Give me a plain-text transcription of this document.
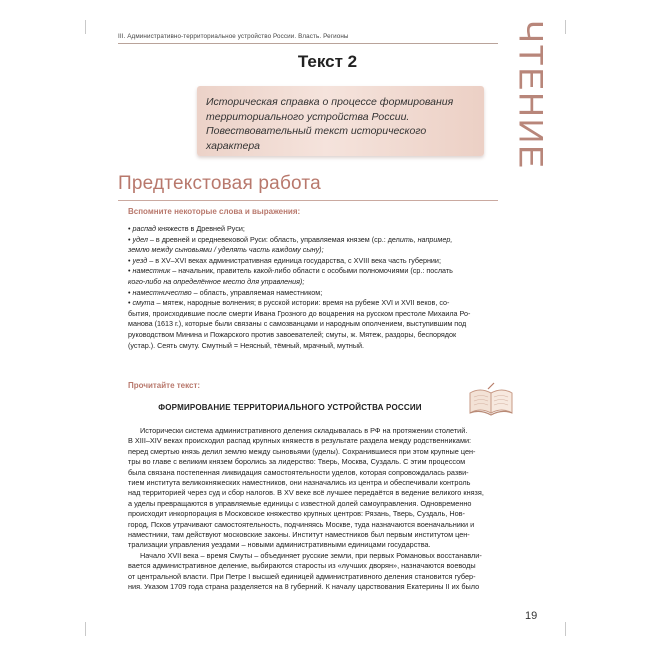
III. Административно-территориальное устройство России. Власть. Регионы	ЧТЕНИЕ
Текст 2
Историческая справка о процессе формирования
территориального устройства России.
Повествовательный текст исторического
характера
Предтекстовая работа
Вспомните некоторые слова и выражения:

• распад княжеств в Древней Руси;

• удел – в древней и средневековой Руси: область, управляемая князем (ср.: делить, например,

землю между сыновьями / уделять часть каждому сыну);

• уезд – в XV–XVI веках административная единица государства, с XVIII века часть губернии;

• наместник – начальник, правитель какой-либо области с особыми полномочиями (ср.: послать

кого-либо на определённое место для управления);

• наместничество – область, управляемая наместником;

• смута – мятеж, народные волнения; в русской истории: время на рубеже XVI и XVII веков, со-

бытия, происходившие после смерти Ивана Грозного до воцарения на русском престоле Михаила Ро-

манова (1613 г.), которые были связаны с самозванцами и народным ополчением, выступившим под

руководством Минина и Пожарского против завоевателей; смуты, ж. Мятеж, раздоры, беспорядок

(устар.). Сеять смуту. Смутный = Неясный, тёмный, мрачный, мутный.

Прочитайте текст:
ФОРМИРОВАНИЕ ТЕРРИТОРИАЛЬНОГО УСТРОЙСТВА РОССИИ

Исторически система административного деления складывалась в РФ на протяжении столетий.

В XIII–XIV веках происходил распад крупных княжеств в результате раздела между родственниками:

перед смертью князь делил землю между сыновьями (уделы). Сохранившиеся при этом крупные цен-

тры во главе с великим князем боролись за лидерство: Тверь, Москва, Суздаль. С этим процессом

была связана постепенная ликвидация самостоятельности уделов, которая сопровождалась разви-

тием института великокняжеских наместников, они назначались из центра и обеспечивали контроль

над территорией через суд и сбор налогов. В XV веке всё лучшее передаётся в ведение великого князя,

а уделы превращаются в управляемые единицы с известной долей самоуправления. Одновременно

происходит инкорпорация в Московское княжество крупных центров: Рязань, Тверь, Суздаль, Нов-

город, Псков утрачивают самостоятельность, подчиняясь Москве, туда назначаются военачальники и

наместники, там действуют московские законы. Институт наместников был первым институтом цен-

трализации управления уездами – новыми административными единицами государства.

Начало XVII века – время Смуты – объединяет русские земли, при первых Романовых восстанавли-

вается административное деление, выбираются старосты из «лучших дворян», назначаются воеводы

от центральной власти. При Петре I высшей единицей административного деления становится губер-

ния. Указом 1709 года страна разделяется на 8 губерний. К началу царствования Екатерины II их было

19
